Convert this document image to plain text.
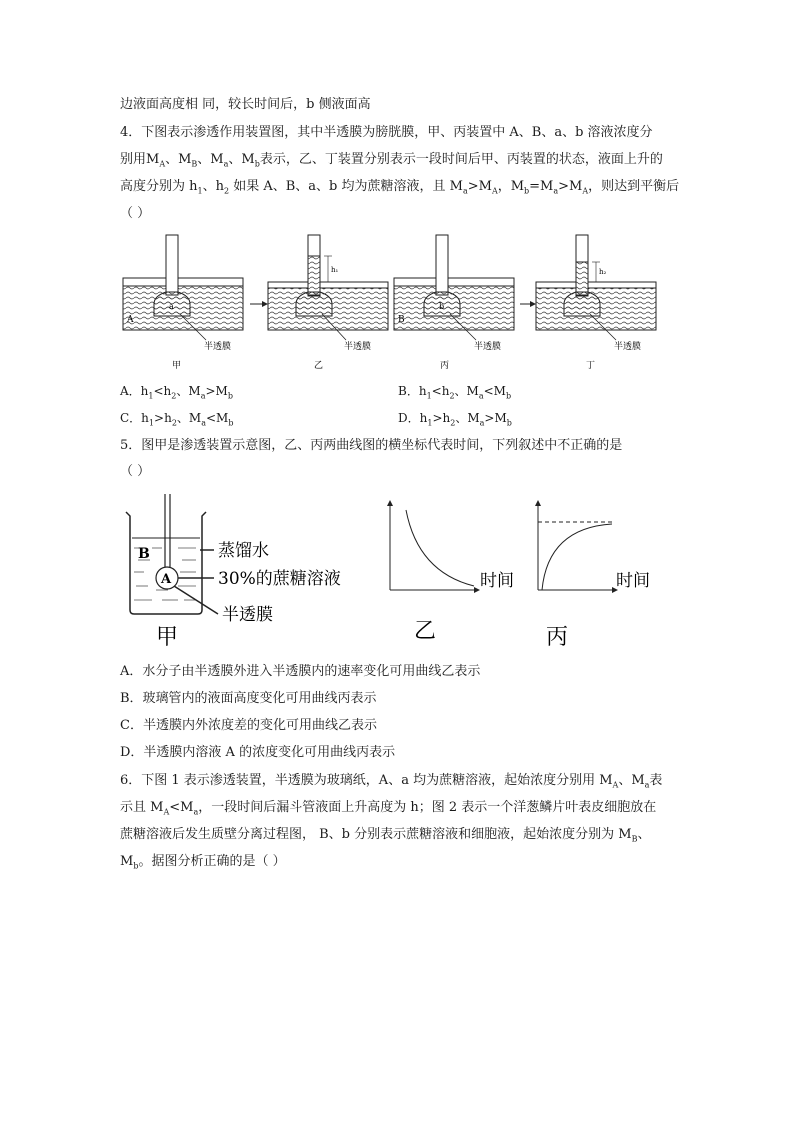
边液面高度相 同，较长时间后，b 侧液面高
4．下图表示渗透作用装置图，其中半透膜为膀胱膜，甲、丙装置中 A、B、a、b 溶液浓度分
别用$M_A$、$M_B$、$M_a$、$M_b$表示，乙、丁装置分别表示一段时间后甲、丙装置的状态，液面上升的
高度分别为 $h_1$、$h_2$ 如果 A、B、a、b 均为蔗糖溶液，且 $M_a>M_A$，$M_b=M_a>M_A$，则达到平衡后
（ ）
A
a
半透膜
甲
h₁
半透膜
乙
B
b
半透膜
丙
h₂
半透膜
丁
A．$h_1<h_2$、$M_a>M_b$	B．$h_1<h_2$、$M_a<M_b$
C．$h_1>h_2$、$M_a<M_b$	D．$h_1>h_2$、$M_a>M_b$
5．图甲是渗透装置示意图，乙、丙两曲线图的横坐标代表时间，下列叙述中不正确的是
（ ）
B
A
蒸馏水
30%的蔗糖溶液
半透膜
甲
时间
乙
时间
丙
A．水分子由半透膜外进入半透膜内的速率变化可用曲线乙表示
B．玻璃管内的液面高度变化可用曲线丙表示
C．半透膜内外浓度差的变化可用曲线乙表示
D．半透膜内溶液 A 的浓度变化可用曲线丙表示
6．下图 1 表示渗透装置，半透膜为玻璃纸，A、a 均为蔗糖溶液，起始浓度分别用 $M_A$、$M_a$表
示且 $M_A<M_a$，一段时间后漏斗管液面上升高度为 h；图 2 表示一个洋葱鳞片叶表皮细胞放在
蔗糖溶液后发生质壁分离过程图， B、b 分别表示蔗糖溶液和细胞液，起始浓度分别为 $M_B$、
$M_b$。据图分析正确的是（ ）
